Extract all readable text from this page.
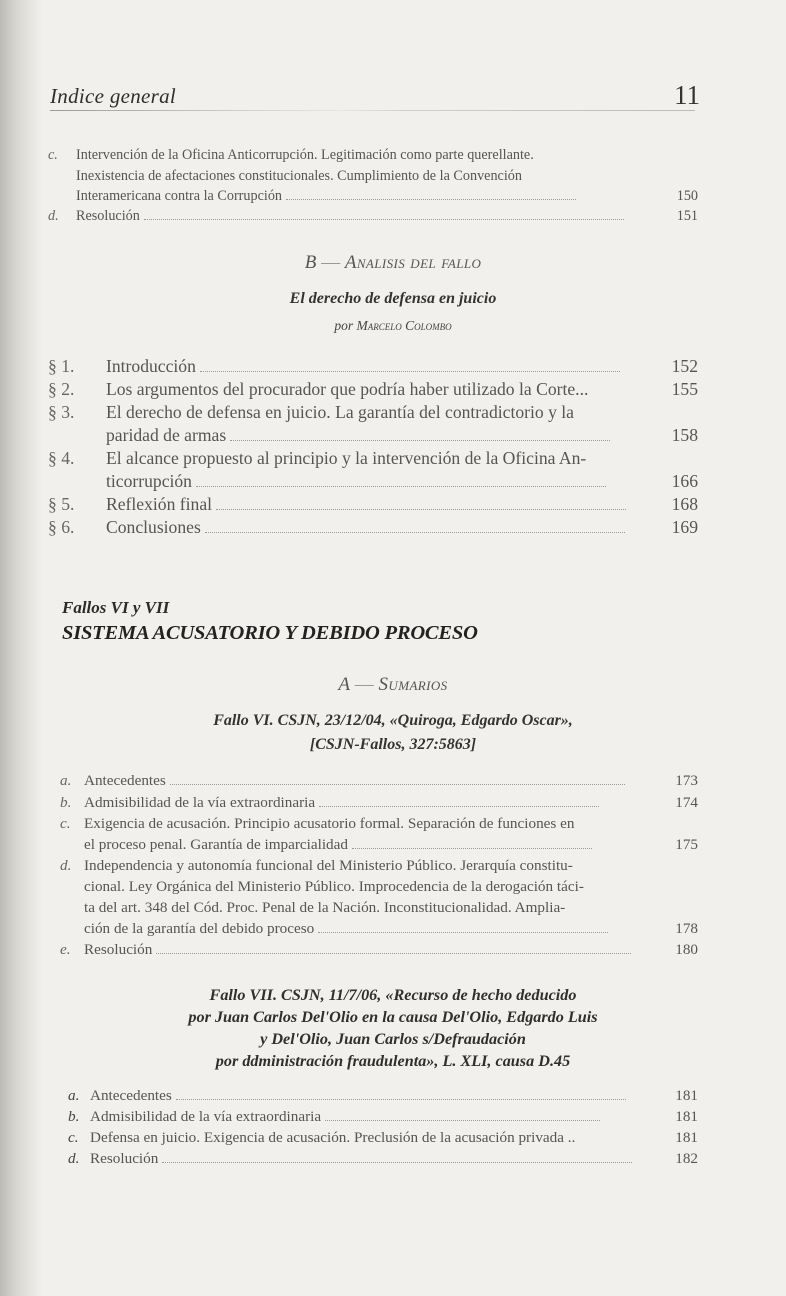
Indice general	11
c. Intervención de la Oficina Anticorrupción. Legitimación como parte querellante.
Inexistencia de afectaciones constitucionales. Cumplimiento de la Convención
Interamericana contra la Corrupción	150
d. Resolución	151
B — Analisis del fallo
El derecho de defensa en juicio
por Marcelo Colombo
§ 1. Introducción	152
§ 2. Los argumentos del procurador que podría haber utilizado la Corte...	155
§ 3. El derecho de defensa en juicio. La garantía del contradictorio y la
paridad de armas	158
§ 4. El alcance propuesto al principio y la intervención de la Oficina An-
ticorrupción	166
§ 5. Reflexión final	168
§ 6. Conclusiones	169
Fallos VI y VII
SISTEMA ACUSATORIO Y DEBIDO PROCESO
A — Sumarios
Fallo VI. CSJN, 23/12/04, «Quiroga, Edgardo Oscar»,
[CSJN-Fallos, 327:5863]
a. Antecedentes	173
b. Admisibilidad de la vía extraordinaria	174
c. Exigencia de acusación. Principio acusatorio formal. Separación de funciones en
el proceso penal. Garantía de imparcialidad	175
d. Independencia y autonomía funcional del Ministerio Público. Jerarquía constitu-
cional. Ley Orgánica del Ministerio Público. Improcedencia de la derogación táci-
ta del art. 348 del Cód. Proc. Penal de la Nación. Inconstitucionalidad. Amplia-
ción de la garantía del debido proceso	178
e. Resolución	180
Fallo VII. CSJN, 11/7/06, «Recurso de hecho deducido
por Juan Carlos Del'Olio en la causa Del'Olio, Edgardo Luis
y Del'Olio, Juan Carlos s/Defraudación
por ddministración fraudulenta», L. XLI, causa D.45
a. Antecedentes	181
b. Admisibilidad de la vía extraordinaria	181
c. Defensa en juicio. Exigencia de acusación. Preclusión de la acusación privada ..	181
d. Resolución	182
